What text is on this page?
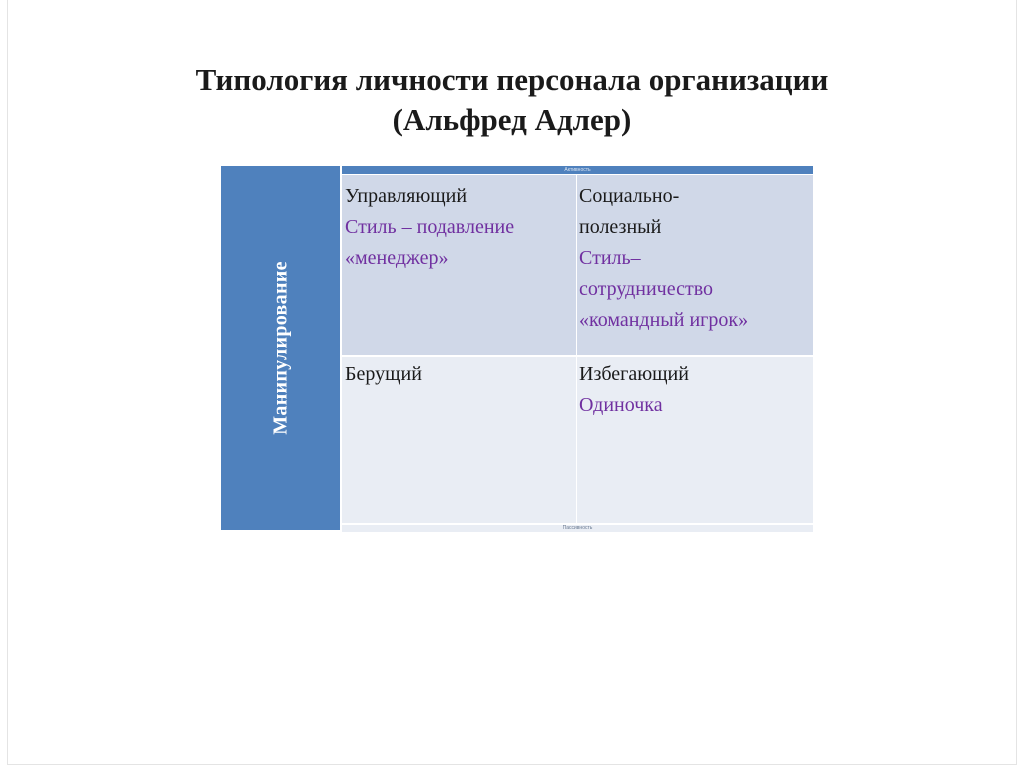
Типология личности персонала организации
(Альфред Адлер)
Манипулирование
Активность
Управляющий
Стиль – подавление
«менеджер»
Социально-
полезный
Стиль–
сотрудничество
«командный игрок»
Берущий	Избегающий
Одиночка
Пассивность
